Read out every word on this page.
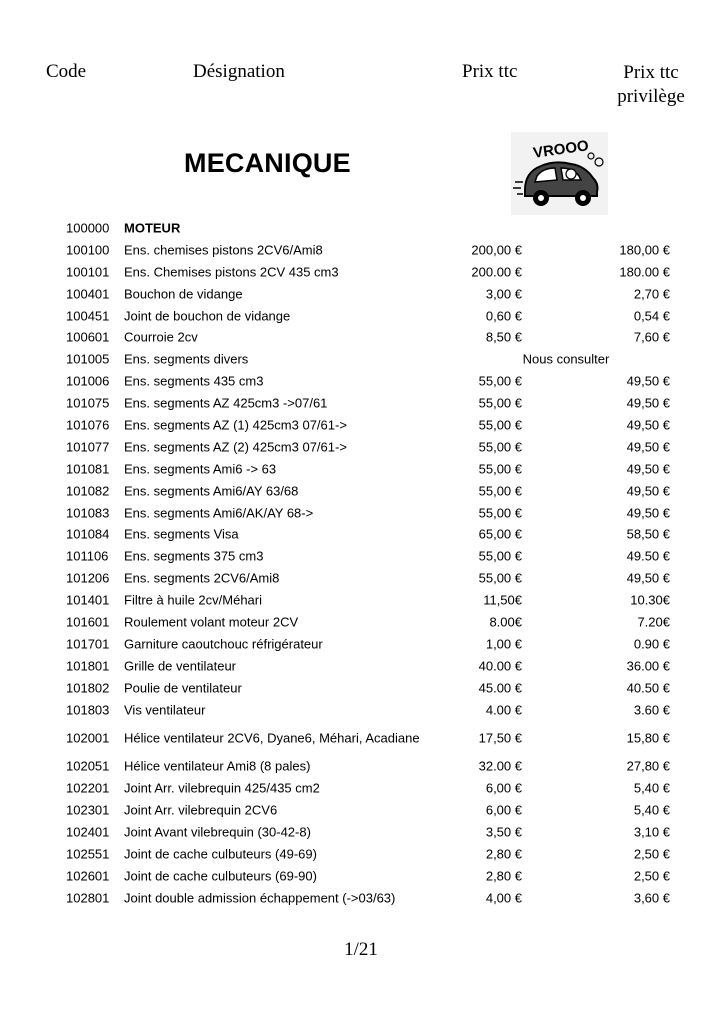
Code	Désignation	Prix ttc	Prix ttc
privilège
MECANIQUE	VROOO
100000 MOTEUR
100100 Ens. chemises pistons 2CV6/Ami8	200,00 €	180,00 €
100101 Ens. Chemises pistons 2CV 435 cm3	200.00 €	180.00 €
100401 Bouchon de vidange	3,00 €	2,70 €
100451 Joint de bouchon de vidange	0,60 €	0,54 €
100601 Courroie 2cv	8,50 €	7,60 €
101005 Ens. segments divers	Nous consulter
101006 Ens. segments 435 cm3	55,00 €	49,50 €
101075 Ens. segments AZ 425cm3 ->07/61	55,00 €	49,50 €
101076 Ens. segments AZ (1) 425cm3 07/61->	55,00 €	49,50 €
101077 Ens. segments AZ (2) 425cm3 07/61->	55,00 €	49,50 €
101081 Ens. segments Ami6 -> 63	55,00 €	49,50 €
101082 Ens. segments Ami6/AY 63/68	55,00 €	49,50 €
101083 Ens. segments Ami6/AK/AY 68->	55,00 €	49,50 €
101084 Ens. segments Visa	65,00 €	58,50 €
101106 Ens. segments 375 cm3	55,00 €	49.50 €
101206 Ens. segments 2CV6/Ami8	55,00 €	49,50 €
101401 Filtre à huile 2cv/Méhari	11,50€	10.30€
101601 Roulement volant moteur 2CV	8.00€	7.20€
101701 Garniture caoutchouc réfrigérateur	1,00 €	0.90 €
101801 Grille de ventilateur	40.00 €	36.00 €
101802 Poulie de ventilateur	45.00 €	40.50 €
101803 Vis ventilateur	4.00 €	3.60 €
102001 Hélice ventilateur 2CV6, Dyane6, Méhari, Acadiane	17,50 €	15,80 €
102051 Hélice ventilateur Ami8 (8 pales)	32.00 €	27,80 €
102201 Joint Arr. vilebrequin 425/435 cm2	6,00 €	5,40 €
102301 Joint Arr. vilebrequin 2CV6	6,00 €	5,40 €
102401 Joint Avant vilebrequin (30-42-8)	3,50 €	3,10 €
102551 Joint de cache culbuteurs (49-69)	2,80 €	2,50 €
102601 Joint de cache culbuteurs (69-90)	2,80 €	2,50 €
102801 Joint double admission échappement (->03/63)	4,00 €	3,60 €
1/21
